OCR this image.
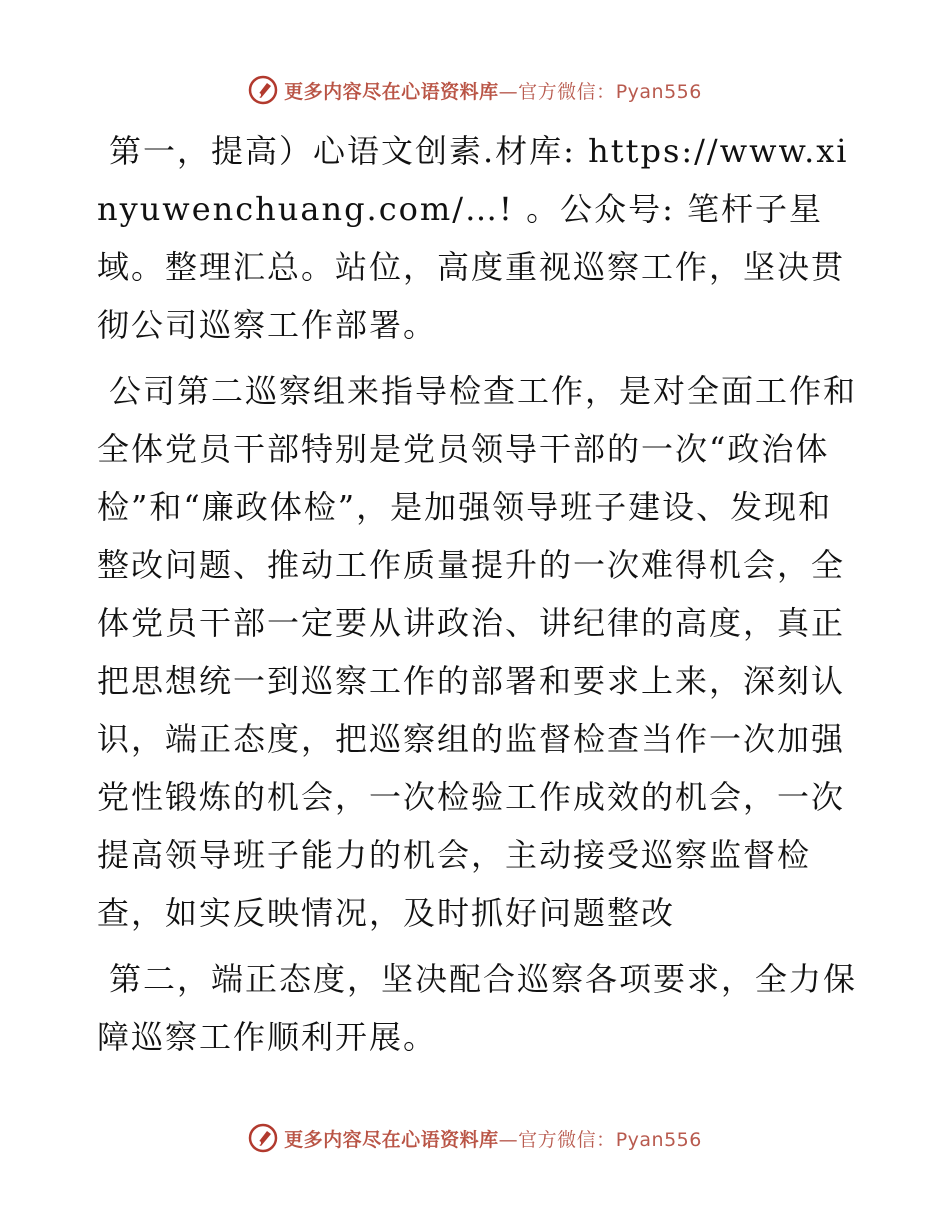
更多内容尽在心语资料库—官方微信：Pyan556

第一，提高）心语文创素.材库: https://www.xinyuwenchuang.com/…! 。公众号: 笔杆子星域。整理汇总。站位，高度重视巡察工作，坚决贯彻公司巡察工作部署。

公司第二巡察组来指导检查工作，是对全面工作和全体党员干部特别是党员领导干部的一次“政治体检”和“廉政体检”，是加强领导班子建设、发现和整改问题、推动工作质量提升的一次难得机会，全体党员干部一定要从讲政治、讲纪律的高度，真正把思想统一到巡察工作的部署和要求上来，深刻认识，端正态度，把巡察组的监督检查当作一次加强党性锻炼的机会，一次检验工作成效的机会，一次提高领导班子能力的机会，主动接受巡察监督检查，如实反映情况，及时抓好问题整改

第二，端正态度，坚决配合巡察各项要求，全力保障巡察工作顺利开展。

更多内容尽在心语资料库—官方微信：Pyan556
